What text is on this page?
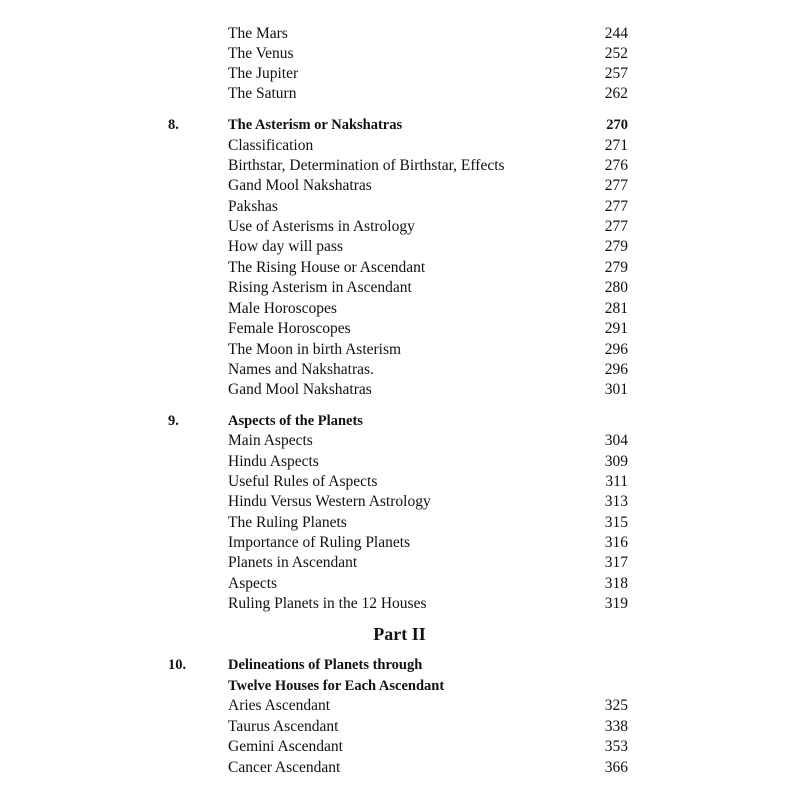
The Mars	244
The Venus	252
The Jupiter	257
The Saturn	262
8.	The Asterism or Nakshatras	270
Classification	271
Birthstar, Determination of Birthstar, Effects	276
Gand Mool Nakshatras	277
Pakshas	277
Use of Asterisms in Astrology	277
How day will pass	279
The Rising House or Ascendant	279
Rising Asterism in Ascendant	280
Male Horoscopes	281
Female Horoscopes	291
The Moon in birth Asterism	296
Names and Nakshatras.	296
Gand Mool Nakshatras	301
9.	Aspects of the Planets
Main Aspects	304
Hindu Aspects	309
Useful Rules of Aspects	311
Hindu Versus Western Astrology	313
The Ruling Planets	315
Importance of Ruling Planets	316
Planets in Ascendant	317
Aspects	318
Ruling Planets in the 12 Houses	319
Part II
10.	Delineations of Planets through
Twelve Houses for Each Ascendant
Aries Ascendant	325
Taurus Ascendant	338
Gemini Ascendant	353
Cancer Ascendant	366
